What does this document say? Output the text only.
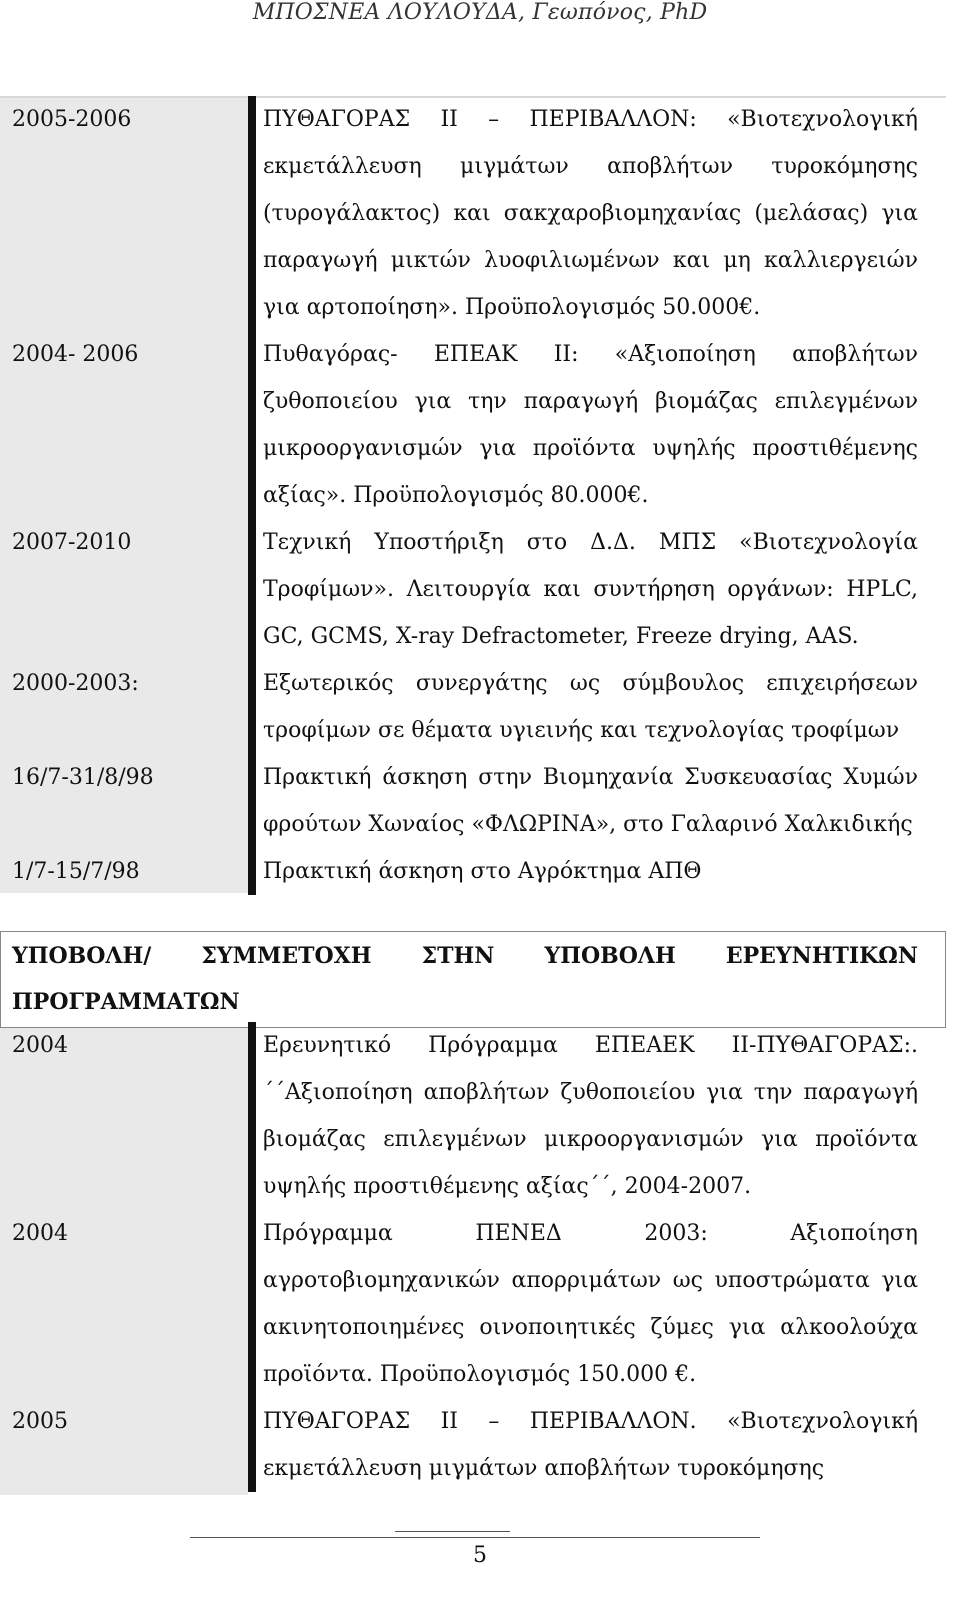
ΜΠΟΣΝΕΑ ΛΟΥΛΟΥΔΑ, Γεωπόνος, PhD
2005-2006		ΠΥΘΑΓΟΡΑΣ ΙΙ – ΠΕΡΙΒΑΛΛΟΝ: «Βιοτεχνολογική εκμετάλλευση μιγμάτων αποβλήτων τυροκόμησης (τυρογάλακτος) και σακχαροβιομηχανίας (μελάσας) για παραγωγή μικτών λυοφιλιωμένων και μη καλλιεργειών για αρτοποίηση». Προϋπολογισμός 50.000€.
2004- 2006		Πυθαγόρας- ΕΠΕΑΚ ΙΙ: «Αξιοποίηση αποβλήτων ζυθοποιείου για την παραγωγή βιομάζας επιλεγμένων μικροοργανισμών για προϊόντα υψηλής προστιθέμενης αξίας». Προϋπολογισμός 80.000€.
2007-2010		Τεχνική Υποστήριξη στο Δ.Δ. ΜΠΣ «Βιοτεχνολογία Τροφίμων». Λειτουργία και συντήρηση οργάνων: HPLC, GC, GCMS, X-ray Defractometer, Freeze drying, AAS.
2000-2003:		Εξωτερικός συνεργάτης ως σύμβουλος επιχειρήσεων τροφίμων σε θέματα υγιεινής και τεχνολογίας τροφίμων
16/7-31/8/98		Πρακτική άσκηση στην Βιομηχανία Συσκευασίας Χυμών φρούτων Χωναίος «ΦΛΩΡΙΝΑ», στο Γαλαρινό Χαλκιδικής
1/7-15/7/98		Πρακτική άσκηση στο Αγρόκτημα ΑΠΘ
ΥΠΟΒΟΛΗ/ ΣΥΜΜΕΤΟΧΗ ΣΤΗΝ ΥΠΟΒΟΛΗ ΕΡΕΥΝΗΤΙΚΩΝ ΠΡΟΓΡΑΜΜΑΤΩΝ
2004		Ερευνητικό Πρόγραμμα ΕΠΕΑΕΚ ΙΙ-ΠΥΘΑΓΟΡΑΣ:. ΄΄Αξιοποίηση αποβλήτων ζυθοποιείου για την παραγωγή βιομάζας επιλεγμένων μικροοργανισμών για προϊόντα υψηλής προστιθέμενης αξίας΄΄, 2004-2007.
2004		Πρόγραμμα ΠΕΝΕΔ 2003: Αξιοποίηση αγροτοβιομηχανικών απορριμάτων ως υποστρώματα για ακινητοποιημένες οινοποιητικές ζύμες για αλκοολούχα προϊόντα. Προϋπολογισμός 150.000 €.
2005		ΠΥΘΑΓΟΡΑΣ ΙΙ – ΠΕΡΙΒΑΛΛΟΝ. «Βιοτεχνολογική εκμετάλλευση μιγμάτων αποβλήτων τυροκόμησης
5
